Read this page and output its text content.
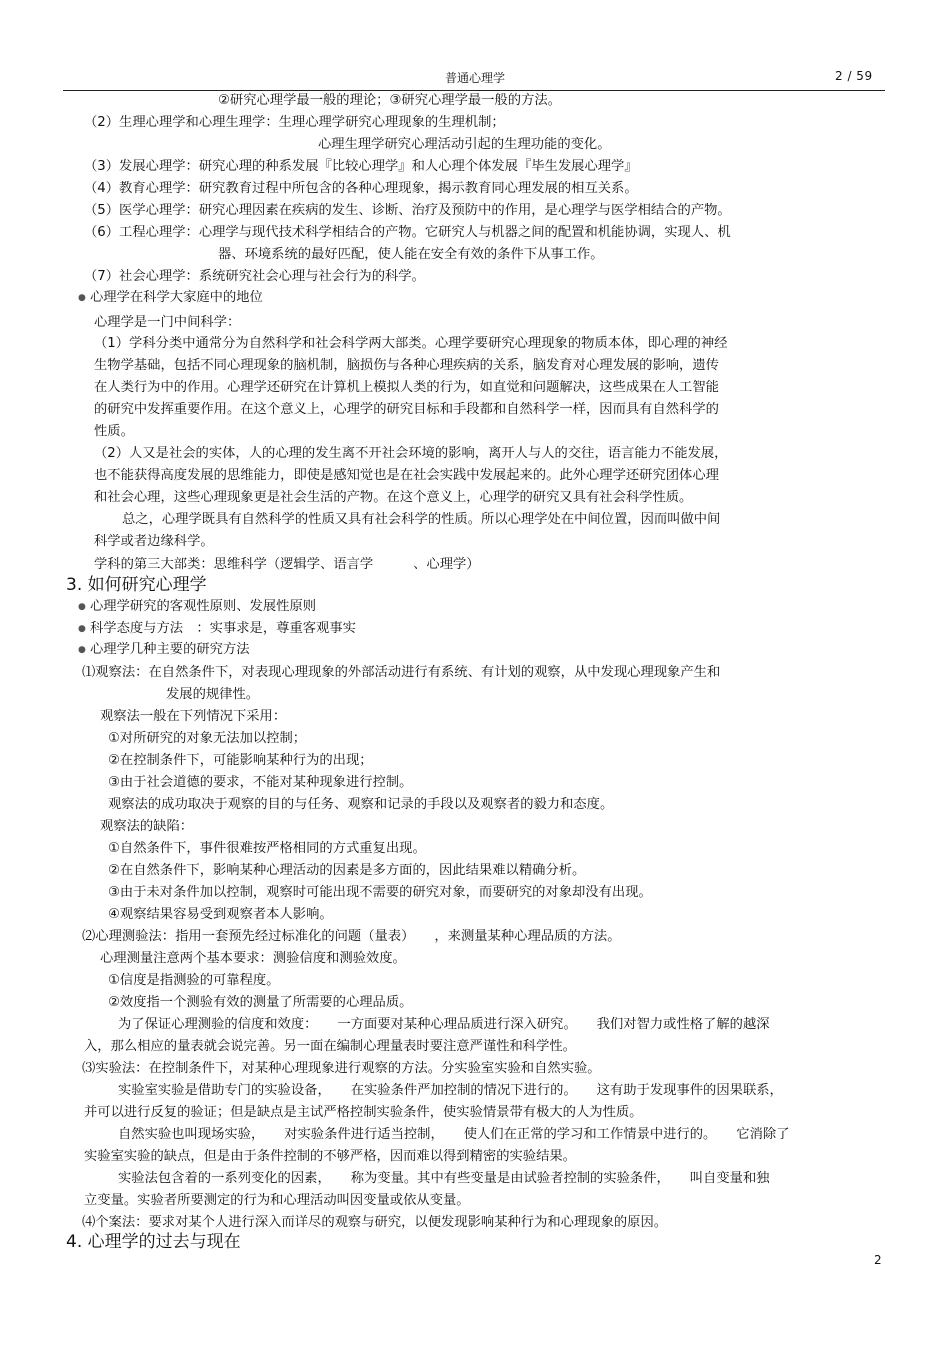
普通心理学	2 / 59
②研究心理学最一般的理论；③研究心理学最一般的方法。
（2）生理心理学和心理生理学：生理心理学研究心理现象的生理机制；
心理生理学研究心理活动引起的生理功能的变化。
（3）发展心理学：研究心理的种系发展『比较心理学』和人心理个体发展『毕生发展心理学』
（4）教育心理学：研究教育过程中所包含的各种心理现象，揭示教育同心理发展的相互关系。
（5）医学心理学：研究心理因素在疾病的发生、诊断、治疗及预防中的作用，是心理学与医学相结合的产物。
（6）工程心理学：心理学与现代技术科学相结合的产物。它研究人与机器之间的配置和机能协调，实现人、机
器、环境系统的最好匹配，使人能在安全有效的条件下从事工作。
（7）社会心理学：系统研究社会心理与社会行为的科学。
● 心理学在科学大家庭中的地位
心理学是一门中间科学：
（1）学科分类中通常分为自然科学和社会科学两大部类。心理学要研究心理现象的物质本体，即心理的神经
生物学基础，包括不同心理现象的脑机制，脑损伤与各种心理疾病的关系，脑发育对心理发展的影响，遗传
在人类行为中的作用。心理学还研究在计算机上模拟人类的行为，如直觉和问题解决，这些成果在人工智能
的研究中发挥重要作用。在这个意义上，心理学的研究目标和手段都和自然科学一样，因而具有自然科学的
性质。
（2）人又是社会的实体，人的心理的发生离不开社会环境的影响，离开人与人的交往，语言能力不能发展，
也不能获得高度发展的思维能力，即使是感知觉也是在社会实践中发展起来的。此外心理学还研究团体心理
和社会心理，这些心理现象更是社会生活的产物。在这个意义上，心理学的研究又具有社会科学性质。
总之，心理学既具有自然科学的性质又具有社会科学的性质。所以心理学处在中间位置，因而叫做中间
科学或者边缘科学。
学科的第三大部类：思维科学（逻辑学、语言学　　　、心理学）
3. 如何研究心理学
● 心理学研究的客观性原则、发展性原则
● 科学态度与方法　：实事求是，尊重客观事实
● 心理学几种主要的研究方法
⑴观察法：在自然条件下，对表现心理现象的外部活动进行有系统、有计划的观察，从中发现心理现象产生和
发展的规律性。
观察法一般在下列情况下采用：
①对所研究的对象无法加以控制；
②在控制条件下，可能影响某种行为的出现；
③由于社会道德的要求，不能对某种现象进行控制。
观察法的成功取决于观察的目的与任务、观察和记录的手段以及观察者的毅力和态度。
观察法的缺陷：
①自然条件下，事件很难按严格相同的方式重复出现。
②在自然条件下，影响某种心理活动的因素是多方面的，因此结果难以精确分析。
③由于未对条件加以控制，观察时可能出现不需要的研究对象，而要研究的对象却没有出现。
④观察结果容易受到观察者本人影响。
⑵心理测验法：指用一套预先经过标准化的问题（量表）　　，来测量某种心理品质的方法。
心理测量注意两个基本要求：测验信度和测验效度。
①信度是指测验的可靠程度。
②效度指一个测验有效的测量了所需要的心理品质。
为了保证心理测验的信度和效度：　　一方面要对某种心理品质进行深入研究。　　我们对智力或性格了解的越深
入，那么相应的量表就会说完善。另一面在编制心理量表时要注意严谨性和科学性。
⑶实验法：在控制条件下，对某种心理现象进行观察的方法。分实验室实验和自然实验。
实验室实验是借助专门的实验设备，　　在实验条件严加控制的情况下进行的。　　这有助于发现事件的因果联系，
并可以进行反复的验证；但是缺点是主试严格控制实验条件，使实验情景带有极大的人为性质。
自然实验也叫现场实验，　　对实验条件进行适当控制，　　使人们在正常的学习和工作情景中进行的。　　它消除了
实验室实验的缺点，但是由于条件控制的不够严格，因而难以得到精密的实验结果。
实验法包含着的一系列变化的因素，　　称为变量。其中有些变量是由试验者控制的实验条件，　　叫自变量和独
立变量。实验者所要测定的行为和心理活动叫因变量或依从变量。
⑷个案法：要求对某个人进行深入而详尽的观察与研究，以便发现影响某种行为和心理现象的原因。
4. 心理学的过去与现在
2
